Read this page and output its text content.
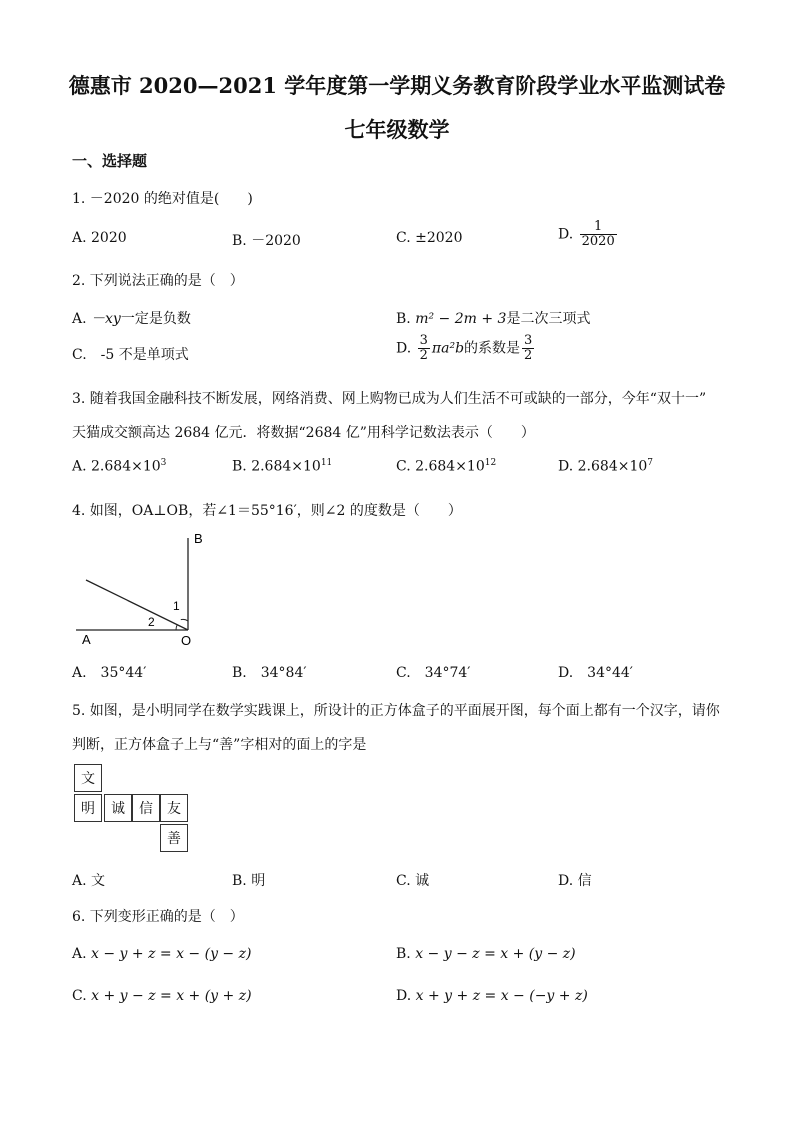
德惠市 2020—2021 学年度第一学期义务教育阶段学业水平监测试卷
七年级数学
一、选择题
1. －2020 的绝对值是(　　)
A. 2020	B. －2020	C. ±2020	D. $\frac{1}{2020}$
2. 下列说法正确的是（　）
A. －xy一定是负数	B. m² − 2m + 3是二次三项式
C.　-5 不是单项式	D. $\frac{3}{2} \pi a^2b$的系数是 $\frac{3}{2}$
3. 随着我国金融科技不断发展，网络消费、网上购物已成为人们生活不可或缺的一部分，今年“双十一”
天猫成交额高达 2684 亿元．将数据“2684 亿”用科学记数法表示（　　）
A. $2.684\times 10^3$	B. $2.684\times 10^{11}$	C. $2.684\times 10^{12}$	D. $2.684\times 10^7$
4. 如图，OA⊥OB，若∠1＝55°16′，则∠2 的度数是（　　）
B
A	O
1
2
A.　35°44′	B.　34°84′	C.　34°74′	D.　34°44′
5. 如图，是小明同学在数学实践课上，所设计的正方体盒子的平面展开图，每个面上都有一个汉字，请你
判断，正方体盒子上与“善”字相对的面上的字是
文
明	诚	信	友
善
A. 文	B. 明	C. 诚	D. 信
6. 下列变形正确的是（　）
A. x − y + z = x − (y − z)	B. x − y − z = x + (y − z)
C. x + y − z = x + (y + z)	D. x + y + z = x − (−y + z)
